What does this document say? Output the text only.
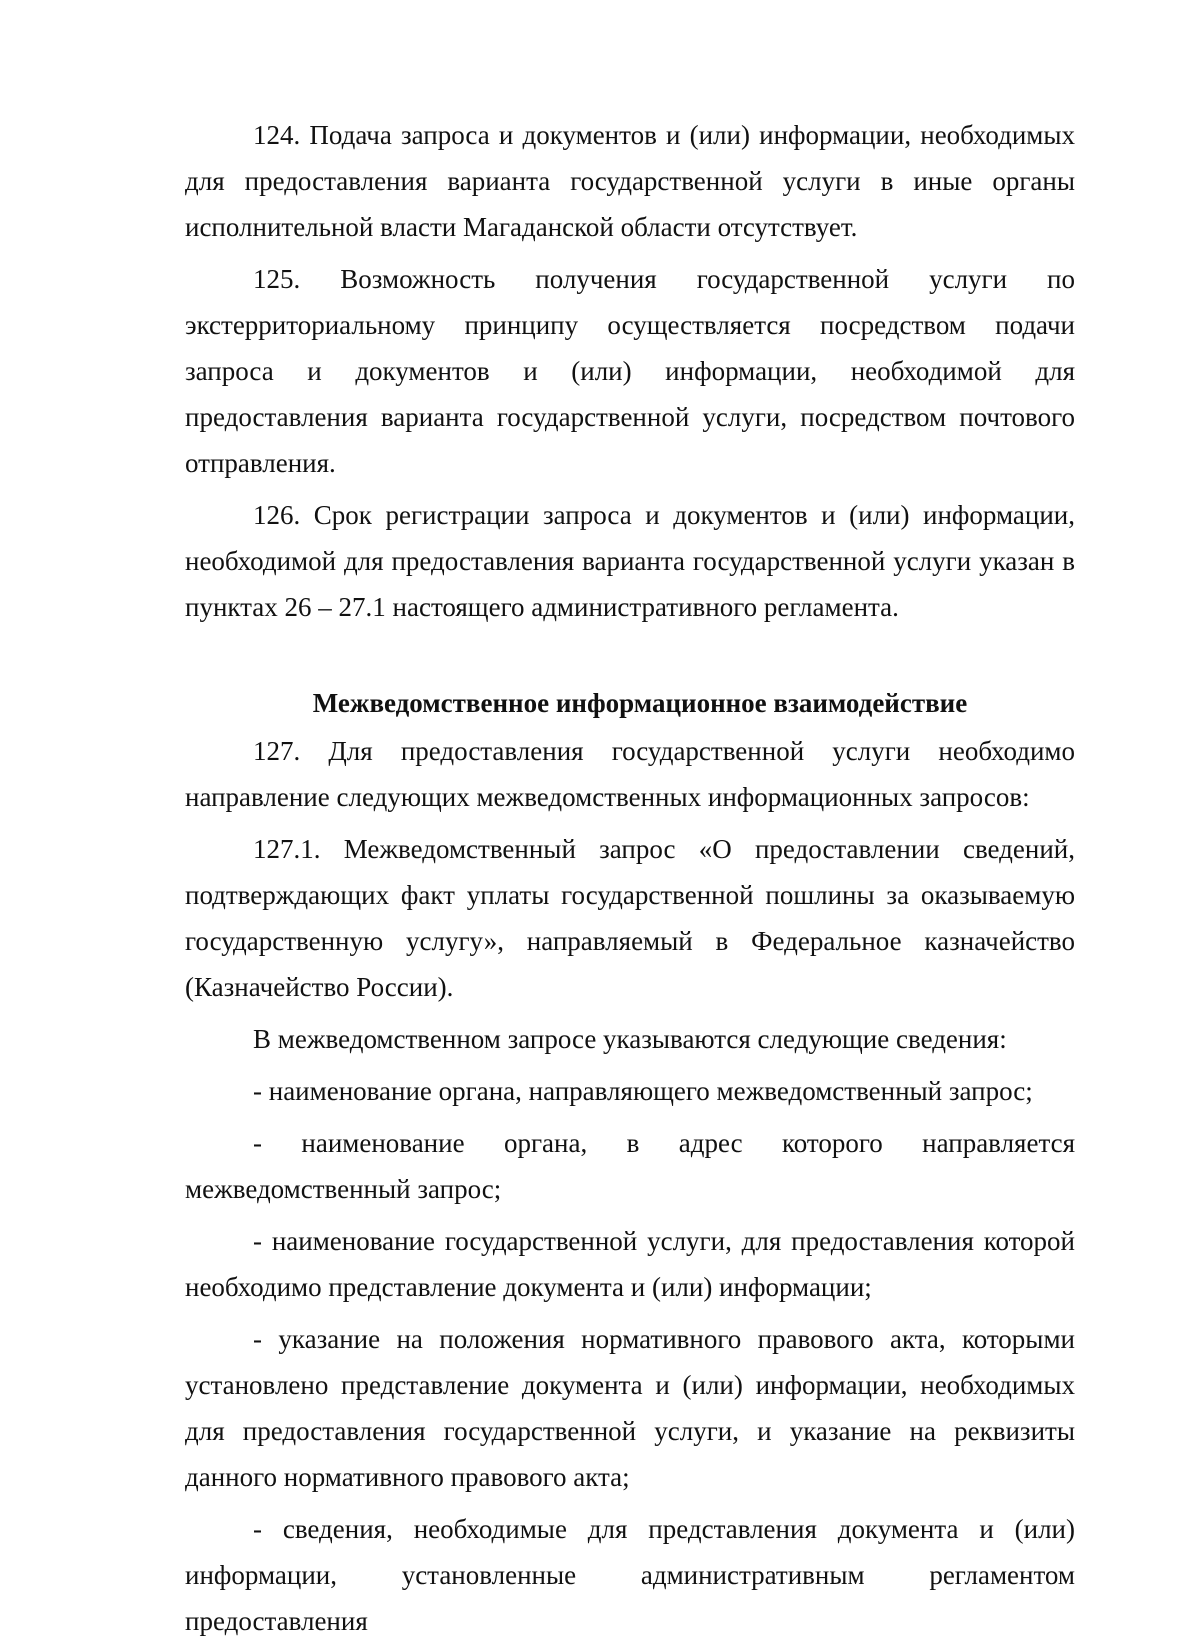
124. Подача запроса и документов и (или) информации, необходимых для предоставления варианта государственной услуги в иные органы исполнительной власти Магаданской области отсутствует.

125. Возможность получения государственной услуги по экстерриториальному принципу осуществляется посредством подачи запроса и документов и (или) информации, необходимой для предоставления варианта государственной услуги, посредством почтового отправления.

126. Срок регистрации запроса и документов и (или) информации, необходимой для предоставления варианта государственной услуги указан в пунктах 26 – 27.1 настоящего административного регламента.

Межведомственное информационное взаимодействие

127. Для предоставления государственной услуги необходимо направление следующих межведомственных информационных запросов:

127.1. Межведомственный запрос «О предоставлении сведений, подтверждающих факт уплаты государственной пошлины за оказываемую государственную услугу», направляемый в Федеральное казначейство (Казначейство России).

В межведомственном запросе указываются следующие сведения:

- наименование органа, направляющего межведомственный запрос;

- наименование органа, в адрес которого направляется межведомственный запрос;

- наименование государственной услуги, для предоставления которой необходимо представление документа и (или) информации;

- указание на положения нормативного правового акта, которыми установлено представление документа и (или) информации, необходимых для предоставления государственной услуги, и указание на реквизиты данного нормативного правового акта;

- сведения, необходимые для представления документа и (или) информации, установленные административным регламентом предоставления
